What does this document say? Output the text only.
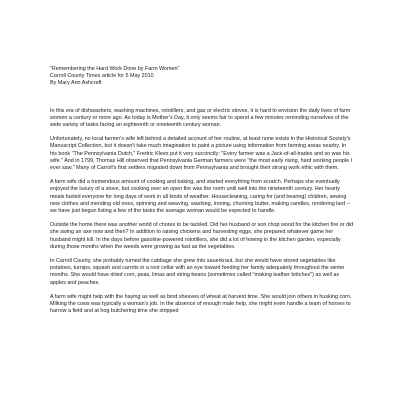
"Remembering the Hard Work Done by Farm Women"

Carroll County Times article for 5 May 2010

By Mary Ann Ashcraft

In this era of dishwashers, washing machines, rototillers, and gas or electric stoves, it is hard to envision the daily lives of farm women a century or more ago. As today is Mother's Day, it only seems fair to spend a few minutes reminding ourselves of the wide variety of tasks facing an eighteenth or nineteenth century woman.

Unfortunately, no local farmer's wife left behind a detailed account of her routine, at least none exists in the Historical Society's Manuscript Collection, but it doesn't take much imagination to paint a picture using information from farming areas nearby. In his book "The Pennsylvania Dutch," Fredric Klees put it very succinctly: "Every farmer was a Jack-of-all-trades and so was his wife." And in 1799, Thomas Hill observed that Pennsylvania German farmers were "the most early rising, hard working people I ever saw." Many of Carroll's first settlers migrated down from Pennsylvania and brought their strong work ethic with them.

A farm wife did a tremendous amount of cooking and baking, and started everything from scratch. Perhaps she eventually enjoyed the luxury of a stove, but cooking over an open fire was the norm until well into the nineteenth century. Her hearty meals fueled everyone for long days of work in all kinds of weather. Housecleaning, caring for (and bearing) children, sewing new clothes and mending old ones, spinning and weaving, washing, ironing, churning butter, making candles, rendering lard -- we have just begun listing a few of the tasks the average woman would be expected to handle.

Outside the home there was another world of chores to be tackled. Did her husband or son chop wood for the kitchen fire or did she swing an axe now and then? In addition to raising chickens and harvesting eggs, she prepared whatever game her husband might kill. In the days before gasoline-powered rototillers, she did a lot of hoeing in the kitchen garden, especially during those months when the weeds were growing as fast as the vegetables.

In Carroll County, she probably turned the cabbage she grew into sauerkraut, but she would have stored vegetables like potatoes, turnips, squash and carrots in a root cellar with an eye toward feeding her family adequately throughout the winter months. She would have dried corn, peas, limas and string beans (sometimes called "making leather britches") as well as apples and peaches.

A farm wife might help with the haying as well as bind sheaves of wheat at harvest time. She would join others in husking corn. Milking the cows was typically a woman's job. In the absence of enough male help, she might even handle a team of horses to harrow a field and at hog butchering time she stripped
